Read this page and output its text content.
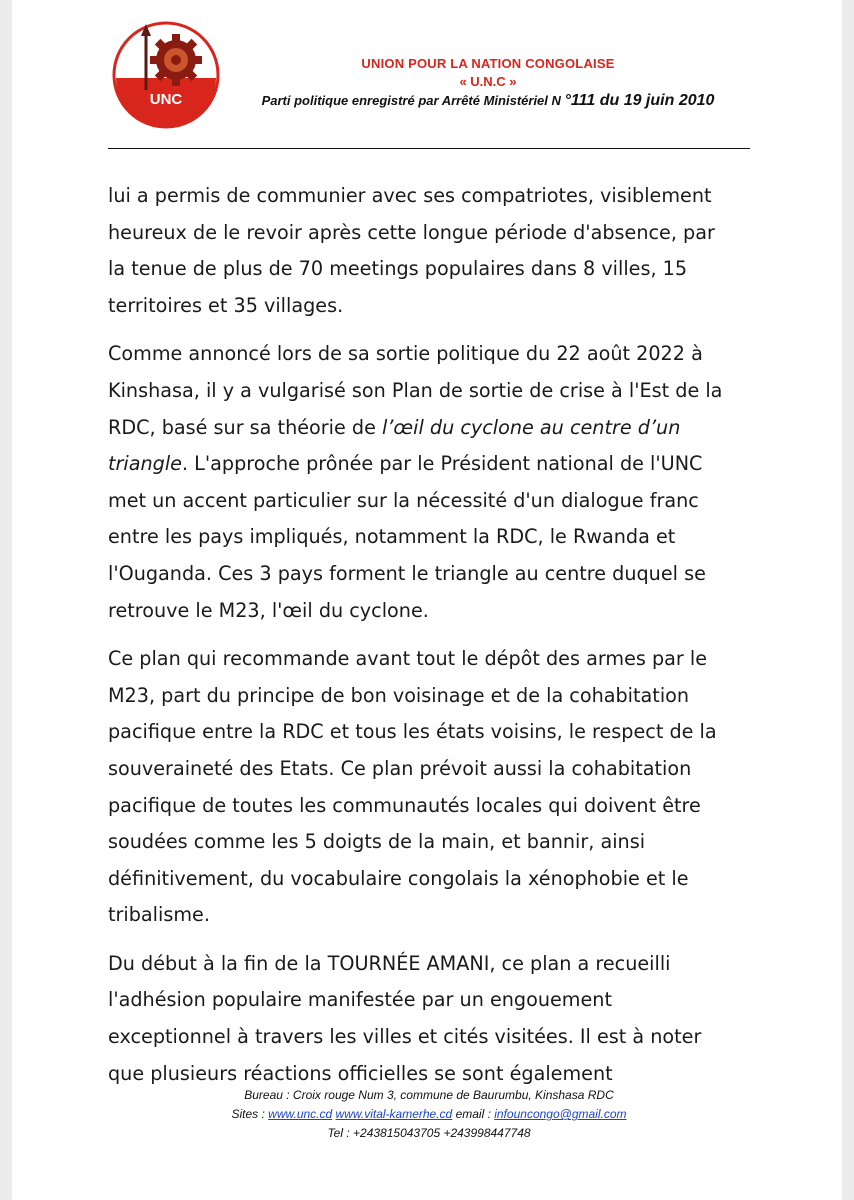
UNC
UNION POUR LA NATION CONGOLAISE
« U.N.C »
Parti politique enregistré par Arrêté Ministériel N °111 du 19 juin 2010

lui a permis de communier avec ses compatriotes, visiblement
heureux de le revoir après cette longue période d'absence, par
la tenue de plus de 70 meetings populaires dans 8 villes, 15
territoires et 35 villages.

Comme annoncé lors de sa sortie politique du 22 août 2022 à
Kinshasa, il y a vulgarisé son Plan de sortie de crise à l'Est de la
RDC, basé sur sa théorie de l’œil du cyclone au centre d’un
triangle. L'approche prônée par le Président national de l'UNC
met un accent particulier sur la nécessité d'un dialogue franc
entre les pays impliqués, notamment la RDC, le Rwanda et
l'Ouganda. Ces 3 pays forment le triangle au centre duquel se
retrouve le M23, l'œil du cyclone.

Ce plan qui recommande avant tout le dépôt des armes par le
M23, part du principe de bon voisinage et de la cohabitation
pacifique entre la RDC et tous les états voisins, le respect de la
souveraineté des Etats. Ce plan prévoit aussi la cohabitation
pacifique de toutes les communautés locales qui doivent être
soudées comme les 5 doigts de la main, et bannir, ainsi
définitivement, du vocabulaire congolais la xénophobie et le
tribalisme.

Du début à la fin de la TOURNÉE AMANI, ce plan a recueilli
l'adhésion populaire manifestée par un engouement
exceptionnel à travers les villes et cités visitées. Il est à noter
que plusieurs réactions officielles se sont également

Bureau : Croix rouge Num 3, commune de Baurumbu, Kinshasa RDC
Sites : www.unc.cd www.vital-kamerhe.cd email : infouncongo@gmail.com
Tel : +243815043705 +243998447748
